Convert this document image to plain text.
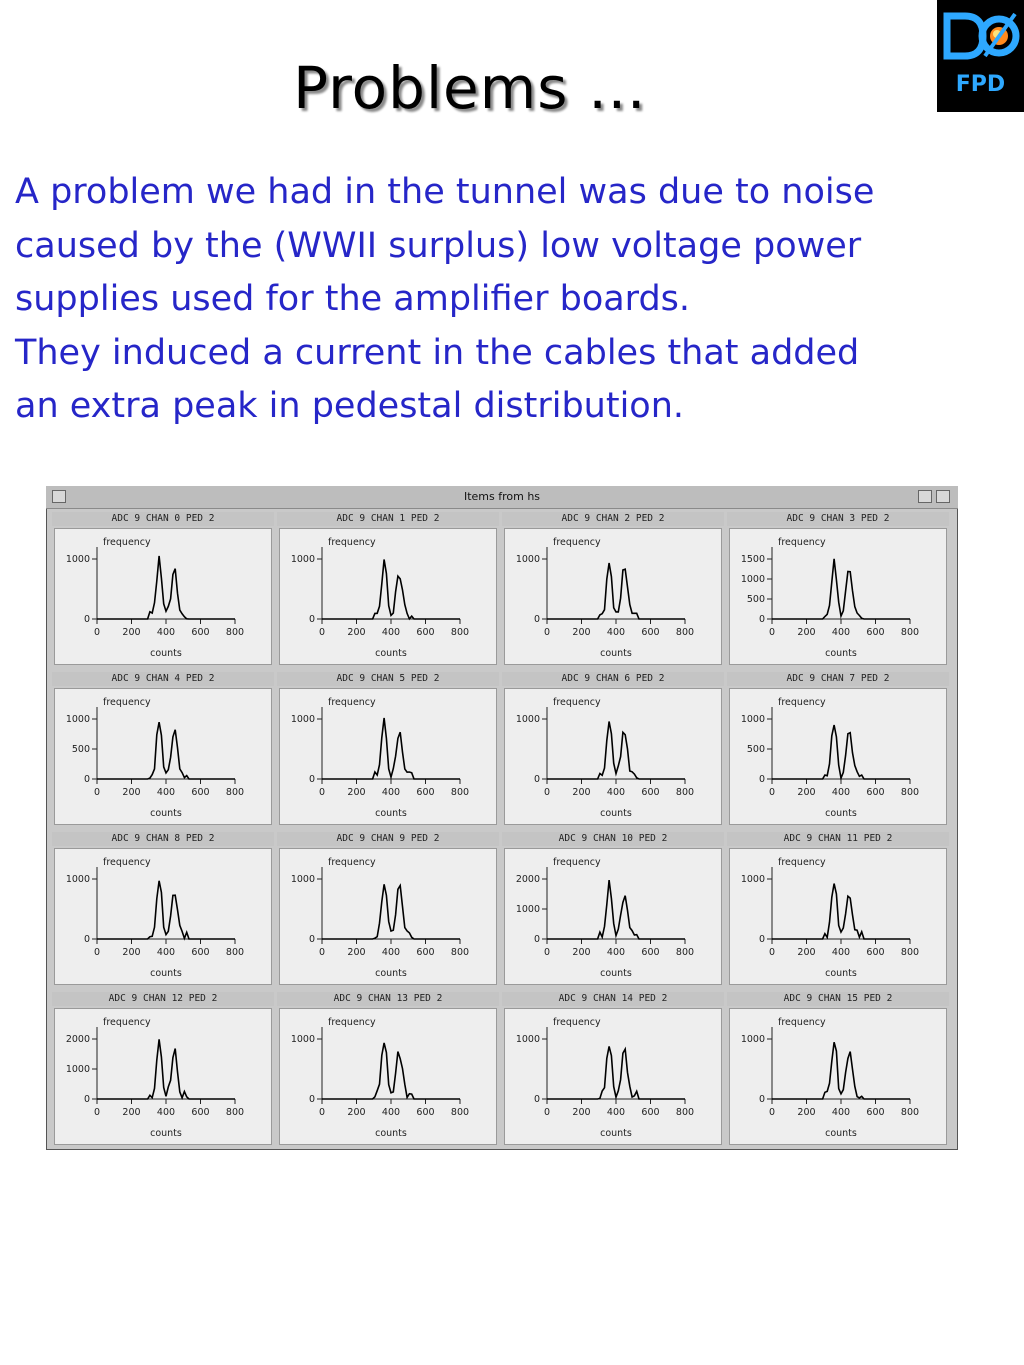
Problems …	FPD
A problem we had in the tunnel was due to noise
caused by the (WWII surplus) low voltage power
supplies used for the amplifier boards.
They induced a current in the cables that added
an extra peak in pedestal distribution.
Items from hs
ADC 9 CHAN 0 PED 2
frequency
1000
0
0 200 400 600 800
counts
ADC 9 CHAN 1 PED 2
frequency
1000
0
0 200 400 600 800
counts
ADC 9 CHAN 2 PED 2
frequency
1000
0
0 200 400 600 800
counts
ADC 9 CHAN 3 PED 2
frequency
1500
1000
500
0
0 200 400 600 800
counts
ADC 9 CHAN 4 PED 2
frequency
1000
500
0
0 200 400 600 800
counts
ADC 9 CHAN 5 PED 2
frequency
1000
0
0 200 400 600 800
counts
ADC 9 CHAN 6 PED 2
frequency
1000
0
0 200 400 600 800
counts
ADC 9 CHAN 7 PED 2
frequency
1000
500
0
0 200 400 600 800
counts
ADC 9 CHAN 8 PED 2
frequency
1000
0
0 200 400 600 800
counts
ADC 9 CHAN 9 PED 2
frequency
1000
0
0 200 400 600 800
counts
ADC 9 CHAN 10 PED 2
frequency
2000
1000
0
0 200 400 600 800
counts
ADC 9 CHAN 11 PED 2
frequency
1000
0
0 200 400 600 800
counts
ADC 9 CHAN 12 PED 2
frequency
2000
1000
0
0 200 400 600 800
counts
ADC 9 CHAN 13 PED 2
frequency
1000
0
0 200 400 600 800
counts
ADC 9 CHAN 14 PED 2
frequency
1000
0
0 200 400 600 800
counts
ADC 9 CHAN 15 PED 2
frequency
1000
0
0 200 400 600 800
counts
